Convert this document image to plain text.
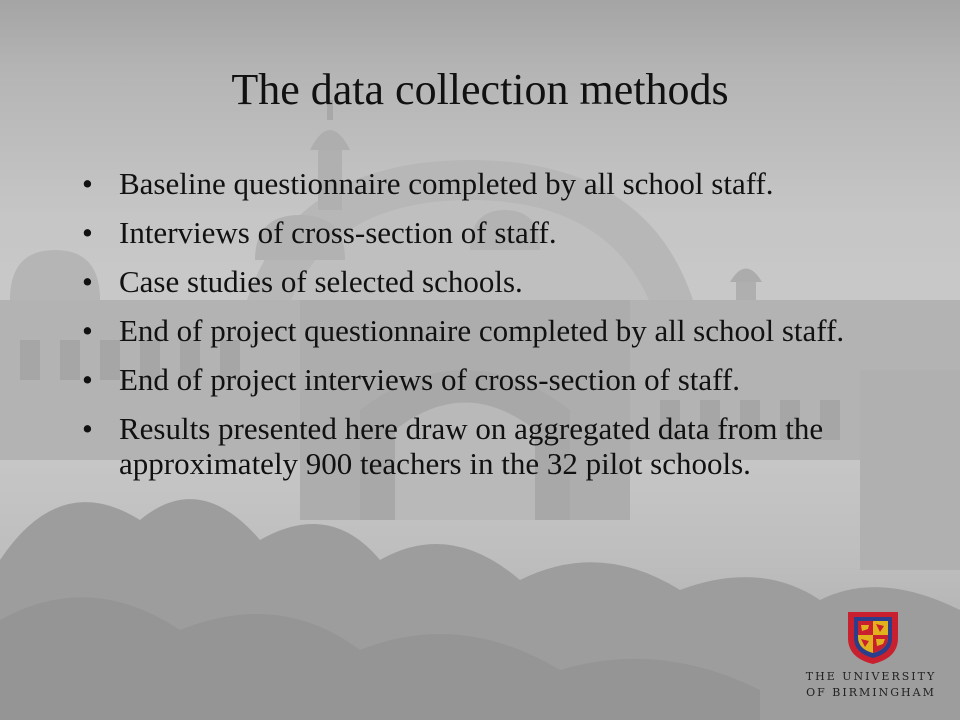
The data collection methods
• Baseline questionnaire completed by all school staff.
• Interviews of cross-section of staff.
• Case studies of selected schools.
• End of project questionnaire completed by all school staff.
• End of project interviews of cross-section of staff.
• Results presented here draw on aggregated data from the approximately 900 teachers in the 32 pilot schools.
THE UNIVERSITY
OF BIRMINGHAM
